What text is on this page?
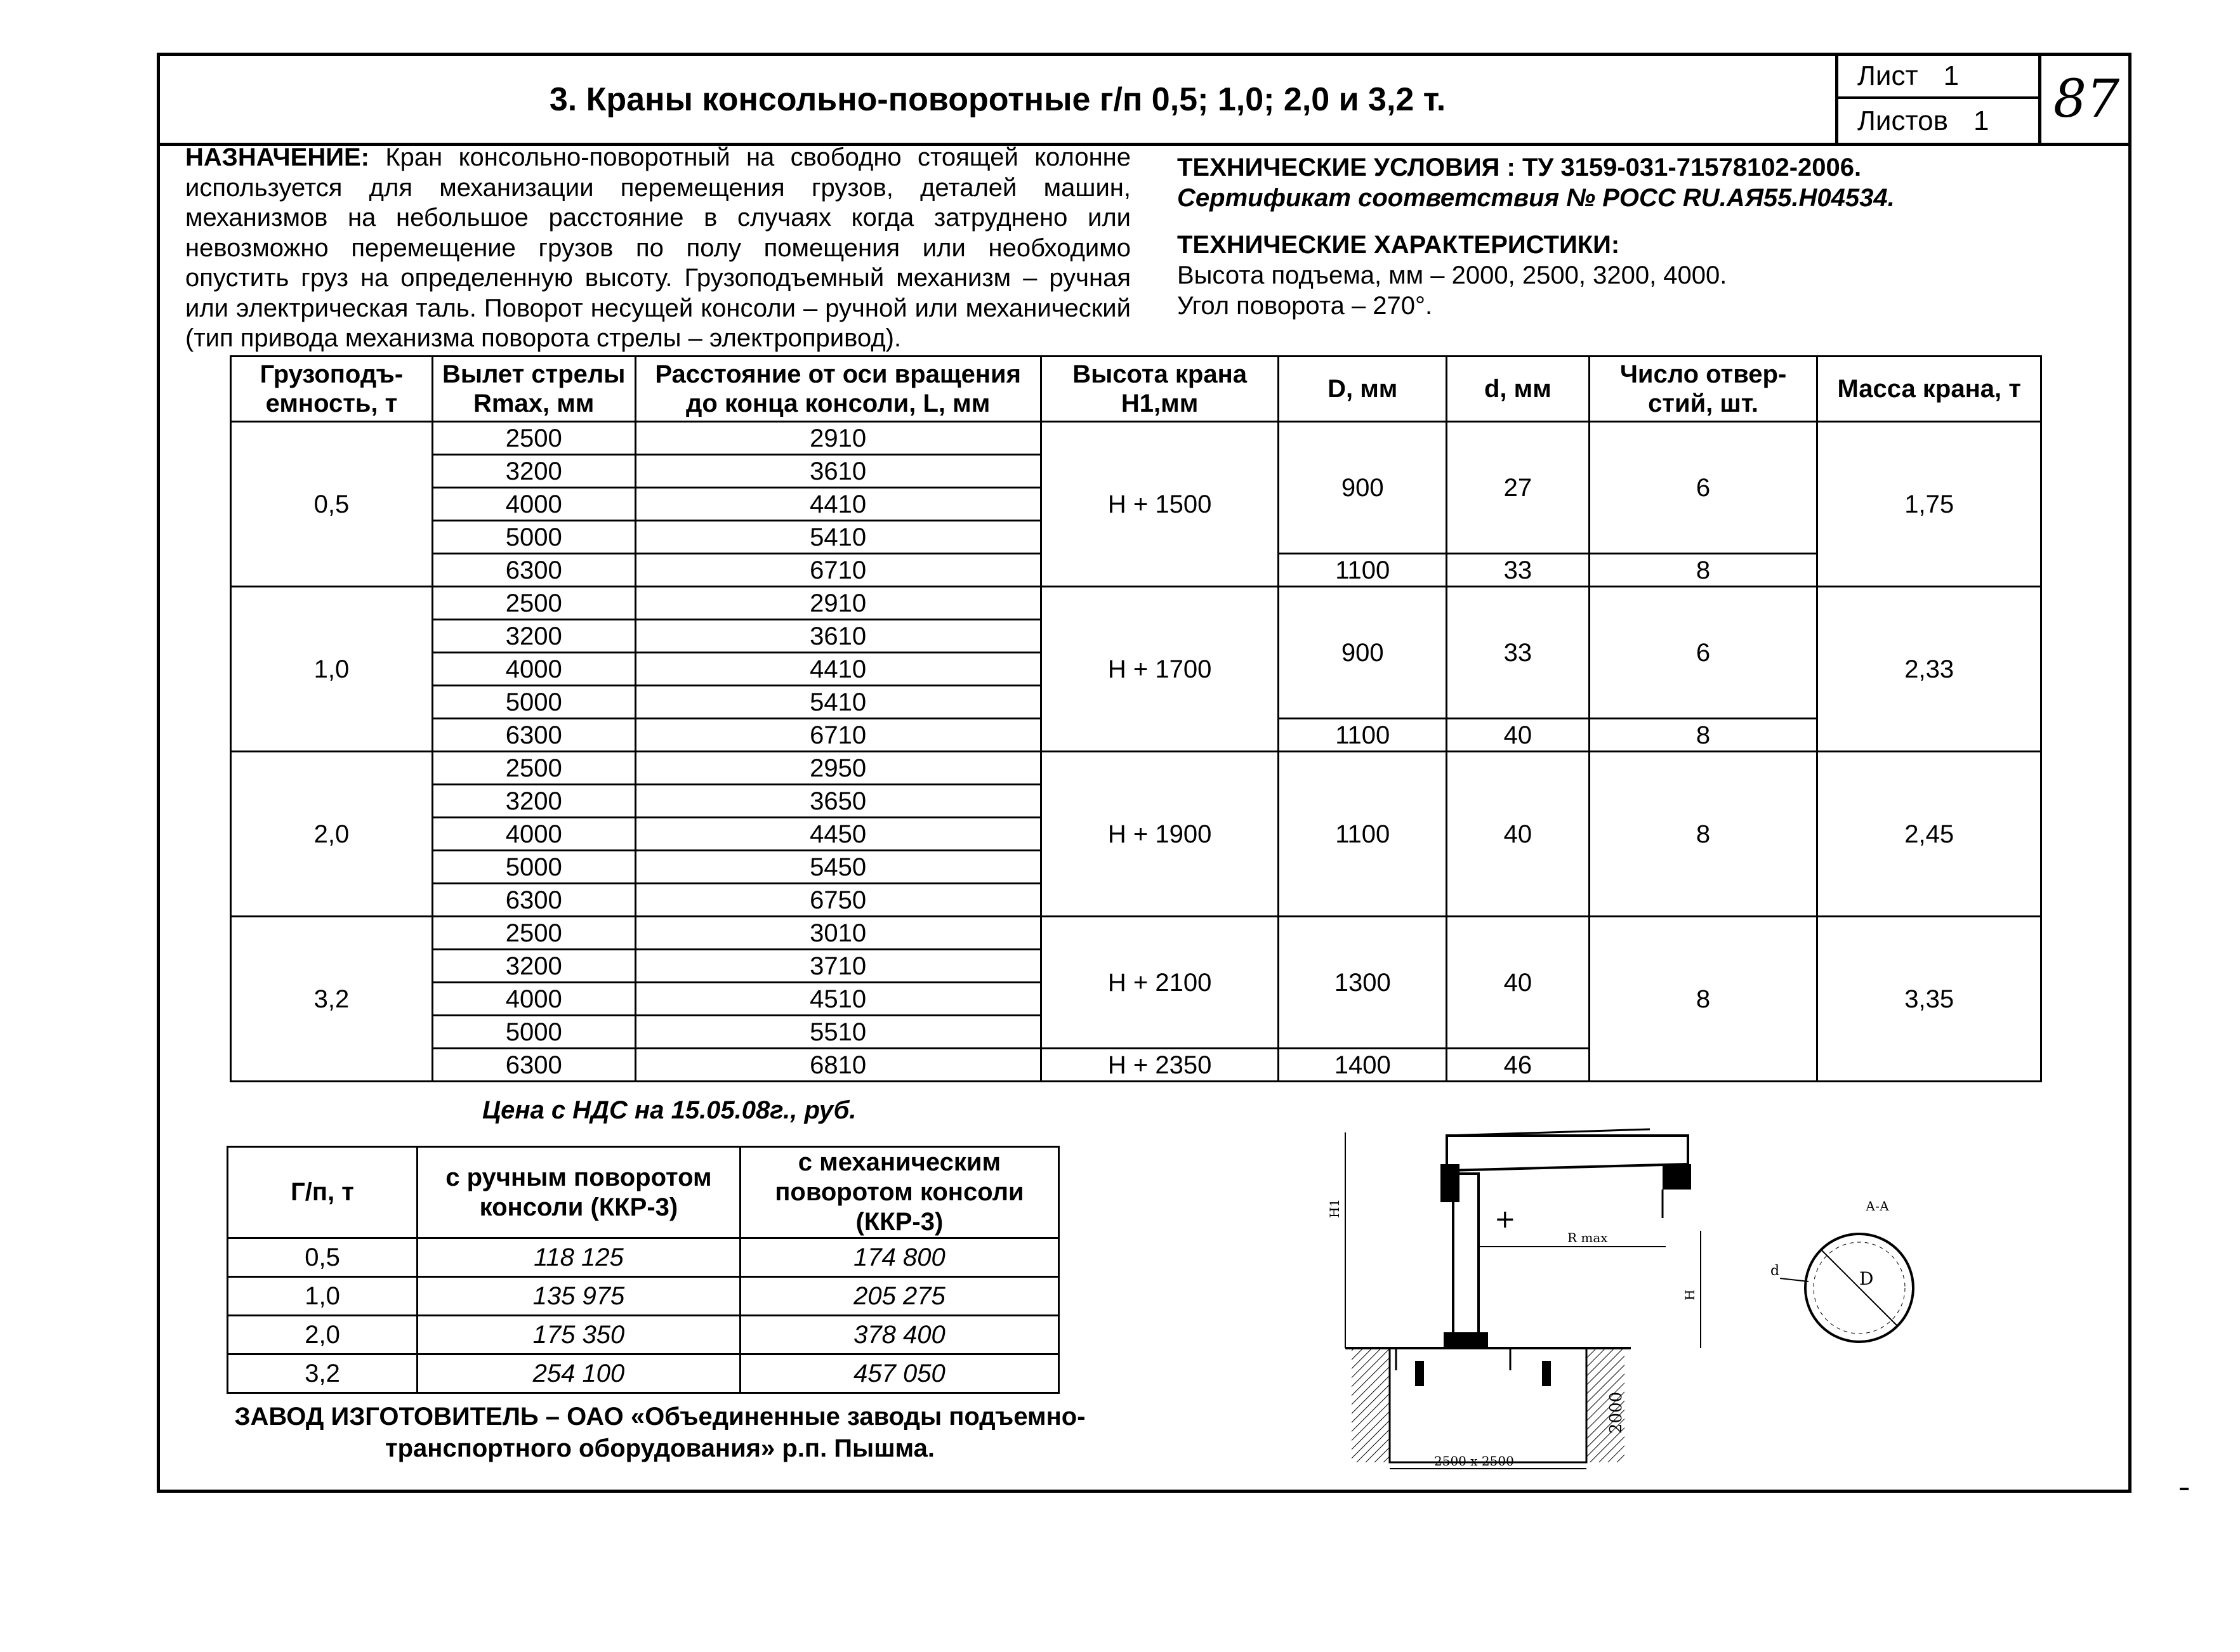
3. Краны консольно-поворотные г/п 0,5; 1,0; 2,0 и 3,2 т.
Лист 1
Листов 1 87
НАЗНАЧЕНИЕ: Кран консольно-поворотный на свободно стоящей колонне используется для механизации перемещения грузов, деталей машин, механизмов на небольшое расстояние в случаях когда затруднено или невозможно перемещение грузов по полу помещения или необходимо опустить груз на определенную высоту. Грузоподъемный механизм – ручная или электрическая таль. Поворот несущей консоли – ручной или механический (тип привода механизма поворота стрелы – электропривод).
ТЕХНИЧЕСКИЕ УСЛОВИЯ : ТУ 3159-031-71578102-2006.
Сертификат соответствия № РОСС RU.АЯ55.Н04534.
ТЕХНИЧЕСКИЕ ХАРАКТЕРИСТИКИ:
Высота подъема, мм – 2000, 2500, 3200, 4000.
Угол поворота – 270°.
Грузоподъ- емность, т	Вылет стрелы Rmax, мм	Расстояние от оси вращения до конца консоли, L, мм	Высота крана H1,мм	D, мм	d, мм	Число отвер- стий, шт.	Масса крана, т
0,5	2500	2910	H + 1500	900	27	6	1,75
	3200	3610					
	4000	4410					
	5000	5410					
	6300	6710		1100	33	8	
1,0	2500	2910	H + 1700	900	33	6	2,33
	3200	3610					
	4000	4410					
	5000	5410					
	6300	6710		1100	40	8	
2,0	2500	2950	H + 1900	1100	40	8	2,45
	3200	3650					
	4000	4450					
	5000	5450					
	6300	6750					
3,2	2500	3010	H + 2100	1300	40	8	3,35
	3200	3710					
	4000	4510					
	5000	5510					
	6300	6810	H + 2350	1400	46		
Цена с НДС на 15.05.08г., руб.
Г/п, т	с ручным поворотом консоли (ККР-3)	с механическим поворотом консоли (ККР-3)
0,5	118 125	174 800
1,0	135 975	205 275
2,0	175 350	378 400
3,2	254 100	457 050
ЗАВОД ИЗГОТОВИТЕЛЬ – ОАО «Объединенные заводы подъемно-
транспортного оборудования» р.п. Пышма.
R max
+
H
H1
2000
2500 x 2500
А-А
D
d
